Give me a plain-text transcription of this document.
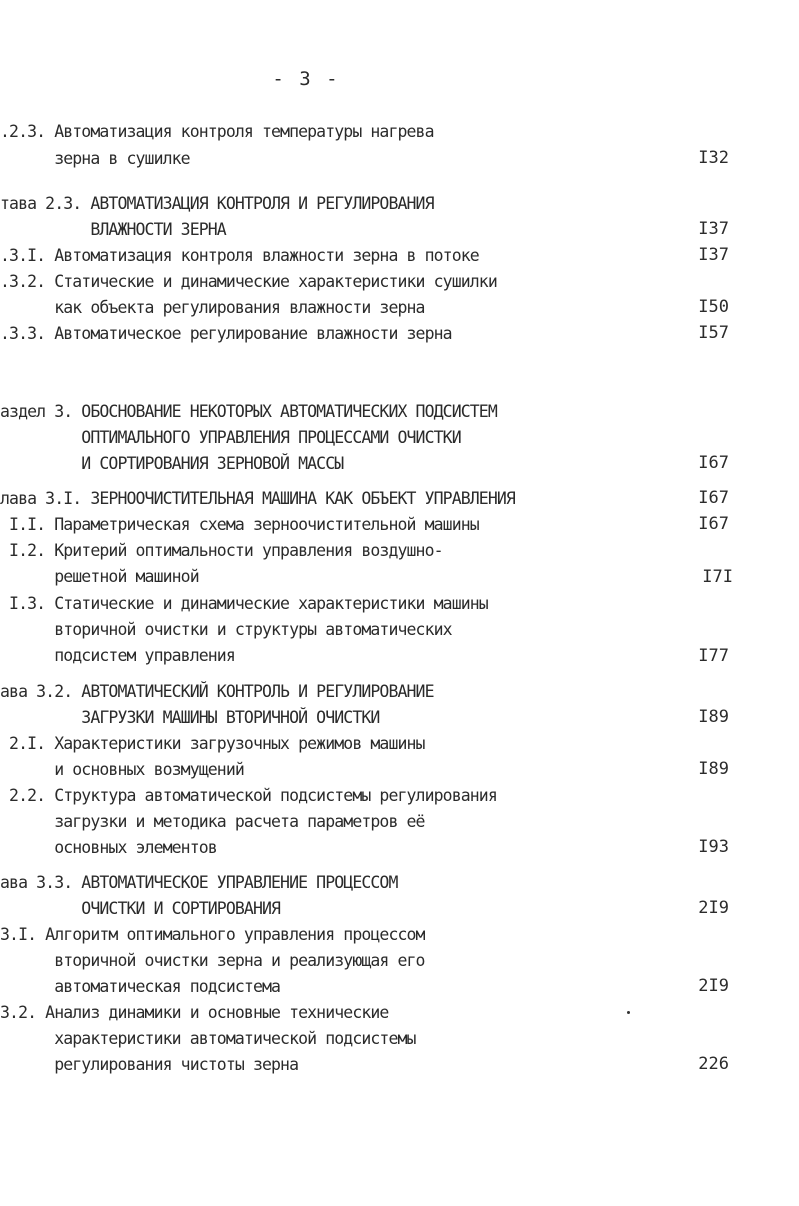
- 3 -
.2.3. Автоматизация контроля температуры нагрева
зерна в сушилке
тава 2.3. АВТОМАТИЗАЦИЯ КОНТРОЛЯ И РЕГУЛИРОВАНИЯ
ВЛАЖНОСТИ ЗЕРНА
.3.I. Автоматизация контроля влажности зерна в потоке
.3.2. Статические и динамические характеристики сушилки
как объекта регулирования влажности зерна
.3.3. Автоматическое регулирование влажности зерна
аздел 3. ОБОСНОВАНИЕ НЕКОТОРЫХ АВТОМАТИЧЕСКИХ ПОДСИСТЕМ
ОПТИМАЛЬНОГО УПРАВЛЕНИЯ ПРОЦЕССАМИ ОЧИСТКИ
И СОРТИРОВАНИЯ ЗЕРНОВОЙ МАССЫ
лава 3.I. ЗЕРНООЧИСТИТЕЛЬНАЯ МАШИНА КАК ОБЪЕКТ УПРАВЛЕНИЯ
I.I. Параметрическая схема зерноочистительной машины
I.2. Критерий оптимальности управления воздушно-
решетной машиной
I.3. Статические и динамические характеристики машины
вторичной очистки и структуры автоматических
подсистем управления
ава 3.2. АВТОМАТИЧЕСКИЙ КОНТРОЛЬ И РЕГУЛИРОВАНИЕ
ЗАГРУЗКИ МАШИНЫ ВТОРИЧНОЙ ОЧИСТКИ
2.I. Характеристики загрузочных режимов машины
и основных возмущений
2.2. Структура автоматической подсистемы регулирования
загрузки и методика расчета параметров её
основных элементов
ава 3.3. АВТОМАТИЧЕСКОЕ УПРАВЛЕНИЕ ПРОЦЕССОМ
ОЧИСТКИ И СОРТИРОВАНИЯ
3.I. Алгоритм оптимального управления процессом
вторичной очистки зерна и реализующая его
автоматическая подсистема
3.2. Анализ динамики и основные технические
характеристики автоматической подсистемы
регулирования чистоты зерна
I32
I37
I37
I50
I57
I67
I67
I67
I7I
I77
I89
I89
I93
2I9
2I9
226
